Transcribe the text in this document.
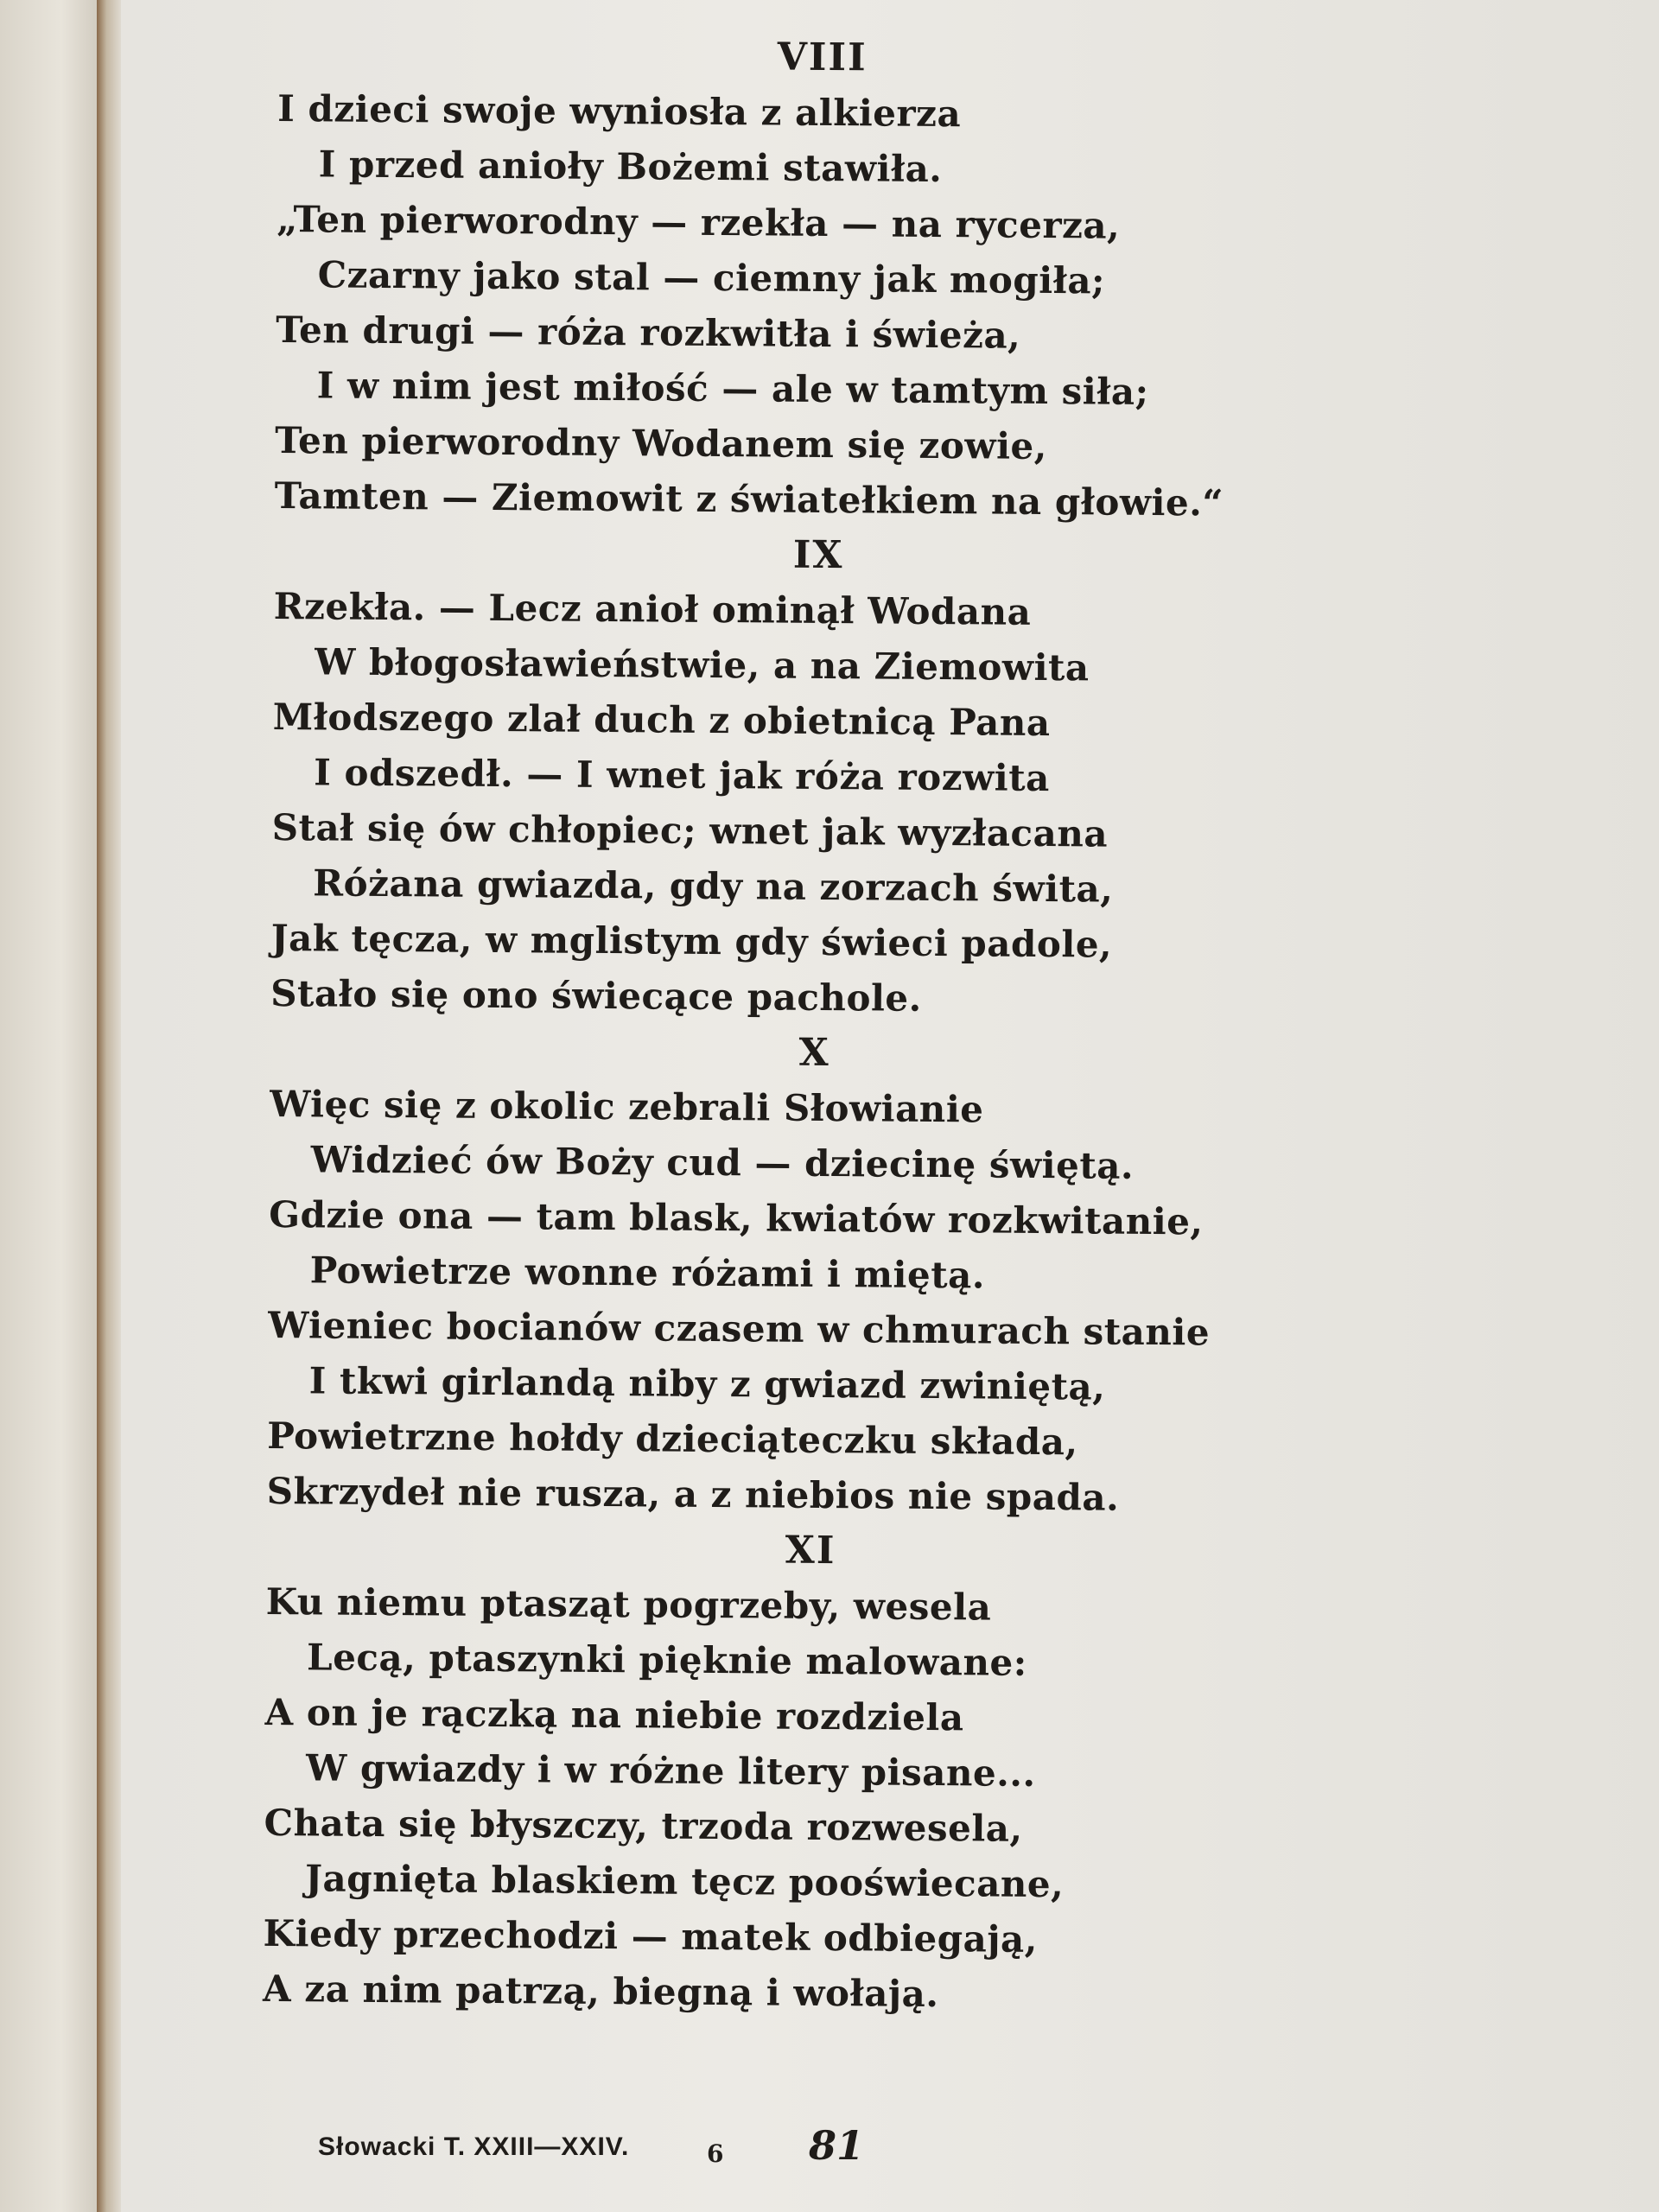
VIII
I dzieci swoje wyniosła z alkierza
I przed anioły Bożemi stawiła.
„Ten pierworodny — rzekła — na rycerza,
Czarny jako stal — ciemny jak mogiła;
Ten drugi — róża rozkwitła i świeża,
I w nim jest miłość — ale w tamtym siła;
Ten pierworodny Wodanem się zowie,
Tamten — Ziemowit z światełkiem na głowie.“
IX
Rzekła. — Lecz anioł ominął Wodana
W błogosławieństwie, a na Ziemowita
Młodszego zlał duch z obietnicą Pana
I odszedł. — I wnet jak róża rozwita
Stał się ów chłopiec; wnet jak wyzłacana
Różana gwiazda, gdy na zorzach świta,
Jak tęcza, w mglistym gdy świeci padole,
Stało się ono świecące pachole.
X
Więc się z okolic zebrali Słowianie
Widzieć ów Boży cud — dziecinę świętą.
Gdzie ona — tam blask, kwiatów rozkwitanie,
Powietrze wonne różami i miętą.
Wieniec bocianów czasem w chmurach stanie
I tkwi girlandą niby z gwiazd zwiniętą,
Powietrzne hołdy dzieciąteczku składa,
Skrzydeł nie rusza, a z niebios nie spada.
XI
Ku niemu ptasząt pogrzeby, wesela
Lecą, ptaszynki pięknie malowane:
A on je rączką na niebie rozdziela
W gwiazdy i w różne litery pisane...
Chata się błyszczy, trzoda rozwesela,
Jagnięta blaskiem tęcz pooświecane,
Kiedy przechodzi — matek odbiegają,
A za nim patrzą, biegną i wołają.
Słowacki T. XXIII—XXIV.	6 81
